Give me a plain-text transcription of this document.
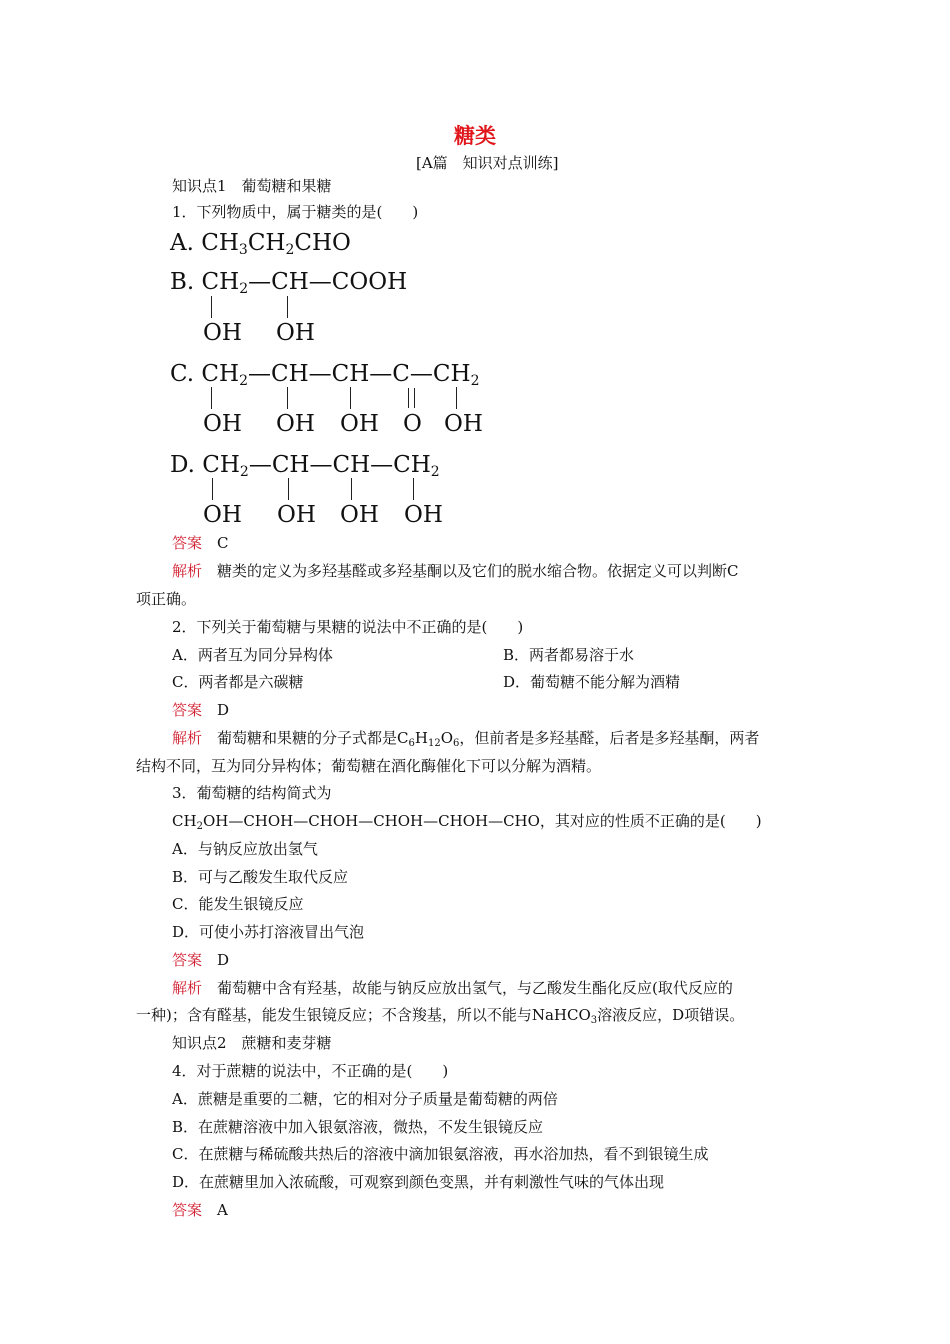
糖类
[A篇　知识对点训练]
知识点1　葡萄糖和果糖
1．下列物质中，属于糖类的是(　　)
A. $CH_3CH_2CHO$
B. $CH_2—CH—COOH$
OH OH
C. $CH_2—CH—CH—C—CH_2$
OH OH OH O OH
D. $CH_2—CH—CH—CH_2$
OH OH OH OH
答案　 C
解析　 糖类的定义为多羟基醛或多羟基酮以及它们的脱水缩合物。依据定义可以判断C
项正确。
2．下列关于葡萄糖与果糖的说法中不正确的是(　　)
A．两者互为同分异构体	B．两者都易溶于水
C．两者都是六碳糖	D．葡萄糖不能分解为酒精
答案　 D
解析　 葡萄糖和果糖的分子式都是$C_6H_{12}O_6$，但前者是多羟基醛，后者是多羟基酮，两者
结构不同，互为同分异构体；葡萄糖在酒化酶催化下可以分解为酒精。
3．葡萄糖的结构简式为
$CH_2OH—CHOH—CHOH—CHOH—CHOH—CHO$，其对应的性质不正确的是(　　)
A．与钠反应放出氢气
B．可与乙酸发生取代反应
C．能发生银镜反应
D．可使小苏打溶液冒出气泡
答案　 D
解析　 葡萄糖中含有羟基，故能与钠反应放出氢气，与乙酸发生酯化反应(取代反应的
一种)；含有醛基，能发生银镜反应；不含羧基，所以不能与NaHCO$_3$溶液反应，D项错误。
知识点2　蔗糖和麦芽糖
4．对于蔗糖的说法中，不正确的是(　　)
A．蔗糖是重要的二糖，它的相对分子质量是葡萄糖的两倍
B．在蔗糖溶液中加入银氨溶液，微热，不发生银镜反应
C．在蔗糖与稀硫酸共热后的溶液中滴加银氨溶液，再水浴加热，看不到银镜生成
D．在蔗糖里加入浓硫酸，可观察到颜色变黑，并有刺激性气味的气体出现
答案　 A
